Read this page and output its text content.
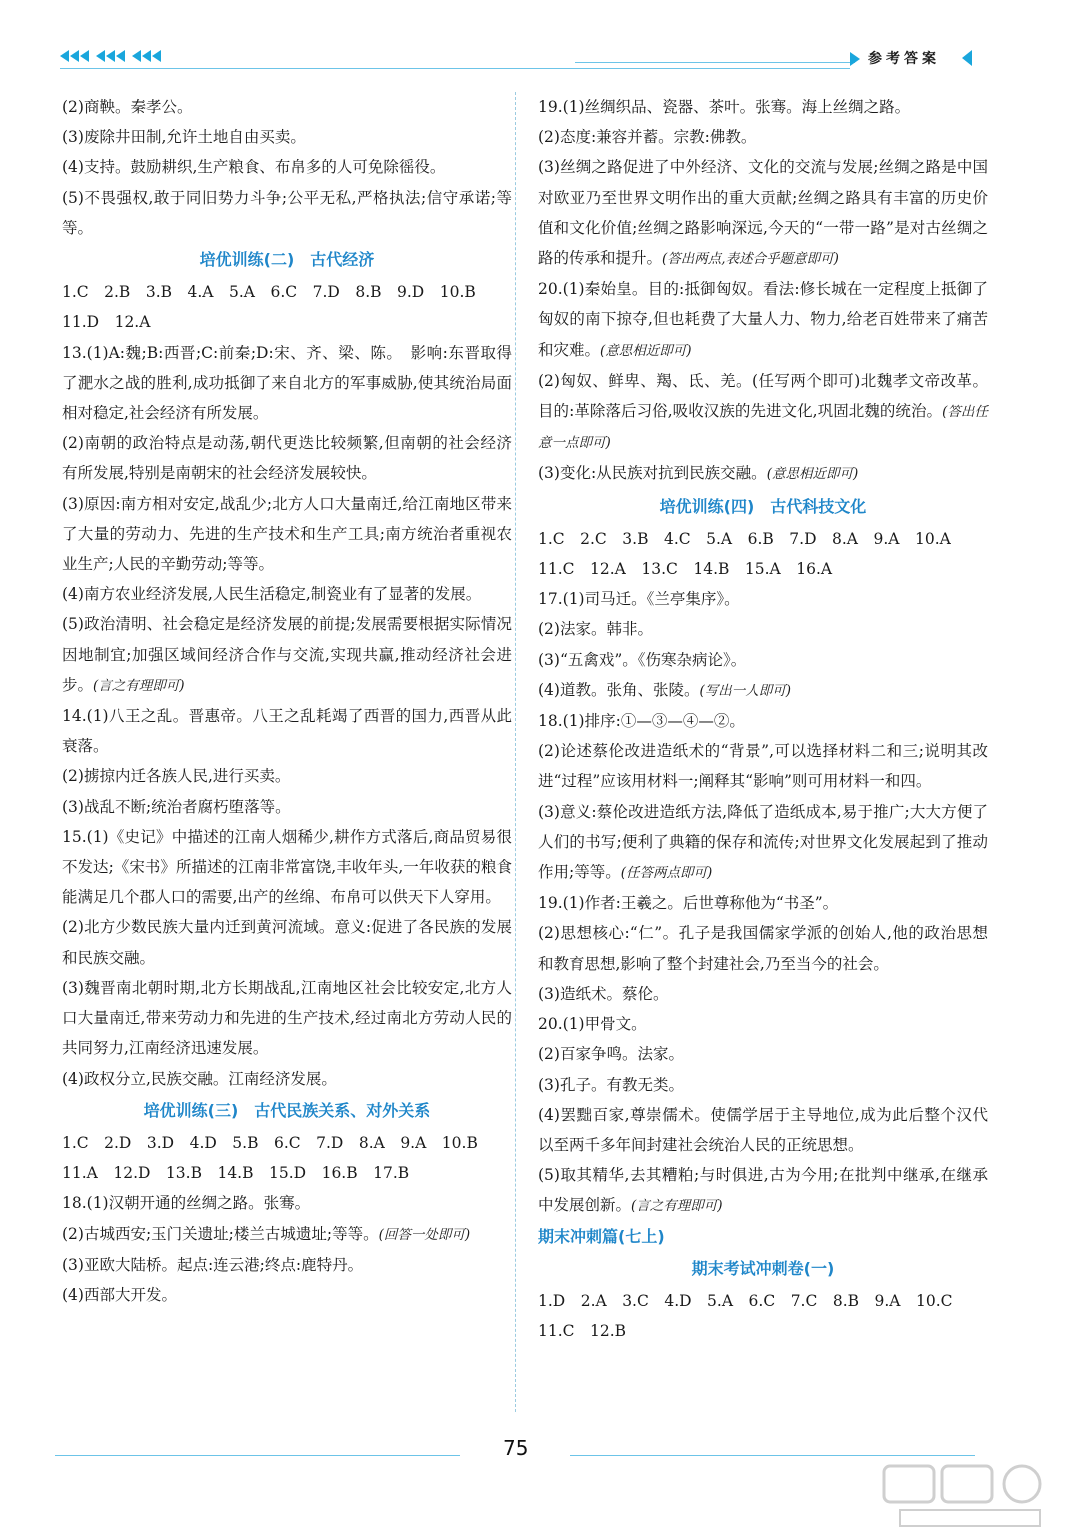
参考答案

(2)商鞅。秦孝公。

(3)废除井田制,允许土地自由买卖。

(4)支持。鼓励耕织,生产粮食、布帛多的人可免除徭役。

(5)不畏强权,敢于同旧势力斗争;公平无私,严格执法;信守承诺;等等。

培优训练(二)　古代经济

1.C　2.B　3.B　4.A　5.A　6.C　7.D　8.B　9.D　10.B

11.D　12.A

13.(1)A:魏;B:西晋;C:前秦;D:宋、齐、梁、陈。　影响:东晋取得了淝水之战的胜利,成功抵御了来自北方的军事威胁,使其统治局面相对稳定,社会经济有所发展。

(2)南朝的政治特点是动荡,朝代更迭比较频繁,但南朝的社会经济有所发展,特别是南朝宋的社会经济发展较快。

(3)原因:南方相对安定,战乱少;北方人口大量南迁,给江南地区带来了大量的劳动力、先进的生产技术和生产工具;南方统治者重视农业生产;人民的辛勤劳动;等等。

(4)南方农业经济发展,人民生活稳定,制瓷业有了显著的发展。

(5)政治清明、社会稳定是经济发展的前提;发展需要根据实际情况因地制宜;加强区域间经济合作与交流,实现共赢,推动经济社会进步。(言之有理即可)

14.(1)八王之乱。晋惠帝。八王之乱耗竭了西晋的国力,西晋从此衰落。

(2)掳掠内迁各族人民,进行买卖。

(3)战乱不断;统治者腐朽堕落等。

15.(1)《史记》中描述的江南人烟稀少,耕作方式落后,商品贸易很不发达;《宋书》所描述的江南非常富饶,丰收年头,一年收获的粮食能满足几个郡人口的需要,出产的丝绵、布帛可以供天下人穿用。

(2)北方少数民族大量内迁到黄河流域。意义:促进了各民族的发展和民族交融。

(3)魏晋南北朝时期,北方长期战乱,江南地区社会比较安定,北方人口大量南迁,带来劳动力和先进的生产技术,经过南北方劳动人民的共同努力,江南经济迅速发展。

(4)政权分立,民族交融。江南经济发展。

培优训练(三)　古代民族关系、对外关系

1.C　2.D　3.D　4.D　5.B　6.C　7.D　8.A　9.A　10.B

11.A　12.D　13.B　14.B　15.D　16.B　17.B

18.(1)汉朝开通的丝绸之路。张骞。

(2)古城西安;玉门关遗址;楼兰古城遗址;等等。(回答一处即可)

(3)亚欧大陆桥。起点:连云港;终点:鹿特丹。

(4)西部大开发。

19.(1)丝绸织品、瓷器、茶叶。张骞。海上丝绸之路。

(2)态度:兼容并蓄。宗教:佛教。

(3)丝绸之路促进了中外经济、文化的交流与发展;丝绸之路是中国对欧亚乃至世界文明作出的重大贡献;丝绸之路具有丰富的历史价值和文化价值;丝绸之路影响深远,今天的“一带一路”是对古丝绸之路的传承和提升。(答出两点,表述合乎题意即可)

20.(1)秦始皇。目的:抵御匈奴。看法:修长城在一定程度上抵御了匈奴的南下掠夺,但也耗费了大量人力、物力,给老百姓带来了痛苦和灾难。(意思相近即可)

(2)匈奴、鲜卑、羯、氐、羌。(任写两个即可)北魏孝文帝改革。目的:革除落后习俗,吸收汉族的先进文化,巩固北魏的统治。(答出任意一点即可)

(3)变化:从民族对抗到民族交融。(意思相近即可)

培优训练(四)　古代科技文化

1.C　2.C　3.B　4.C　5.A　6.B　7.D　8.A　9.A　10.A

11.C　12.A　13.C　14.B　15.A　16.A

17.(1)司马迁。《兰亭集序》。

(2)法家。韩非。

(3)“五禽戏”。《伤寒杂病论》。

(4)道教。张角、张陵。(写出一人即可)

18.(1)排序:①—③—④—②。

(2)论述蔡伦改进造纸术的“背景”,可以选择材料二和三;说明其改进“过程”应该用材料一;阐释其“影响”则可用材料一和四。

(3)意义:蔡伦改进造纸方法,降低了造纸成本,易于推广;大大方便了人们的书写;便利了典籍的保存和流传;对世界文化发展起到了推动作用;等等。(任答两点即可)

19.(1)作者:王羲之。后世尊称他为“书圣”。

(2)思想核心:“仁”。孔子是我国儒家学派的创始人,他的政治思想和教育思想,影响了整个封建社会,乃至当今的社会。

(3)造纸术。蔡伦。

20.(1)甲骨文。

(2)百家争鸣。法家。

(3)孔子。有教无类。

(4)罢黜百家,尊崇儒术。使儒学居于主导地位,成为此后整个汉代以至两千多年间封建社会统治人民的正统思想。

(5)取其精华,去其糟粕;与时俱进,古为今用;在批判中继承,在继承中发展创新。(言之有理即可)

期末冲刺篇(七上)

期末考试冲刺卷(一)

1.D　2.A　3.C　4.D　5.A　6.C　7.C　8.B　9.A　10.C

11.C　12.B

75
